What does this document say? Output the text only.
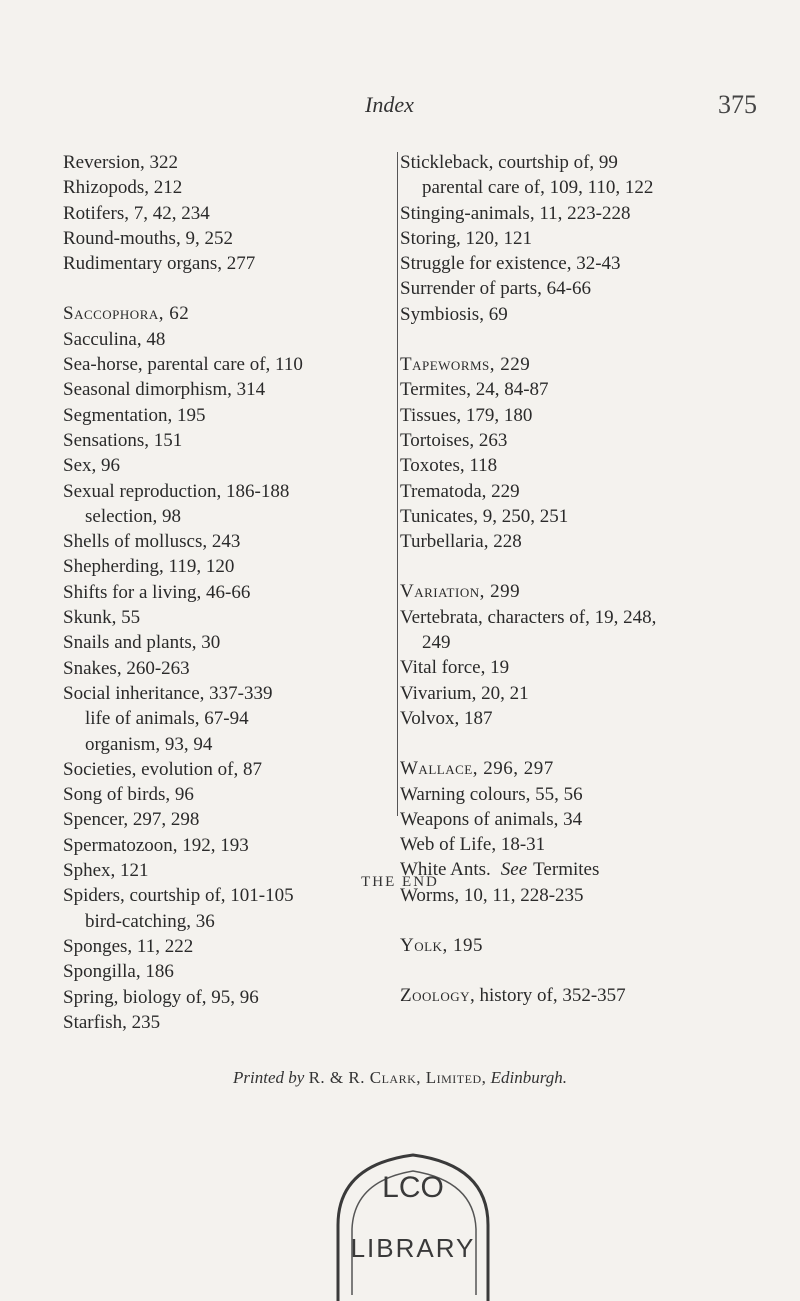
Index	375
Reversion, 322
Rhizopods, 212
Rotifers, 7, 42, 234
Round-mouths, 9, 252
Rudimentary organs, 277
Saccophora, 62
Sacculina, 48
Sea-horse, parental care of, 110
Seasonal dimorphism, 314
Segmentation, 195
Sensations, 151
Sex, 96
Sexual reproduction, 186-188
selection, 98
Shells of molluscs, 243
Shepherding, 119, 120
Shifts for a living, 46-66
Skunk, 55
Snails and plants, 30
Snakes, 260-263
Social inheritance, 337-339
life of animals, 67-94
organism, 93, 94
Societies, evolution of, 87
Song of birds, 96
Spencer, 297, 298
Spermatozoon, 192, 193
Sphex, 121
Spiders, courtship of, 101-105
bird-catching, 36
Sponges, 11, 222
Spongilla, 186
Spring, biology of, 95, 96
Starfish, 235
Stickleback, courtship of, 99
parental care of, 109, 110, 122
Stinging-animals, 11, 223-228
Storing, 120, 121
Struggle for existence, 32-43
Surrender of parts, 64-66
Symbiosis, 69
Tapeworms, 229
Termites, 24, 84-87
Tissues, 179, 180
Tortoises, 263
Toxotes, 118
Trematoda, 229
Tunicates, 9, 250, 251
Turbellaria, 228
Variation, 299
Vertebrata, characters of, 19, 248,
249
Vital force, 19
Vivarium, 20, 21
Volvox, 187
Wallace, 296, 297
Warning colours, 55, 56
Weapons of animals, 34
Web of Life, 18-31
White Ants. See Termites
Worms, 10, 11, 228-235
Yolk, 195
Zoology, history of, 352-357
THE END
Printed by R. & R. Clark, Limited, Edinburgh.
LCO
LIBRARY
